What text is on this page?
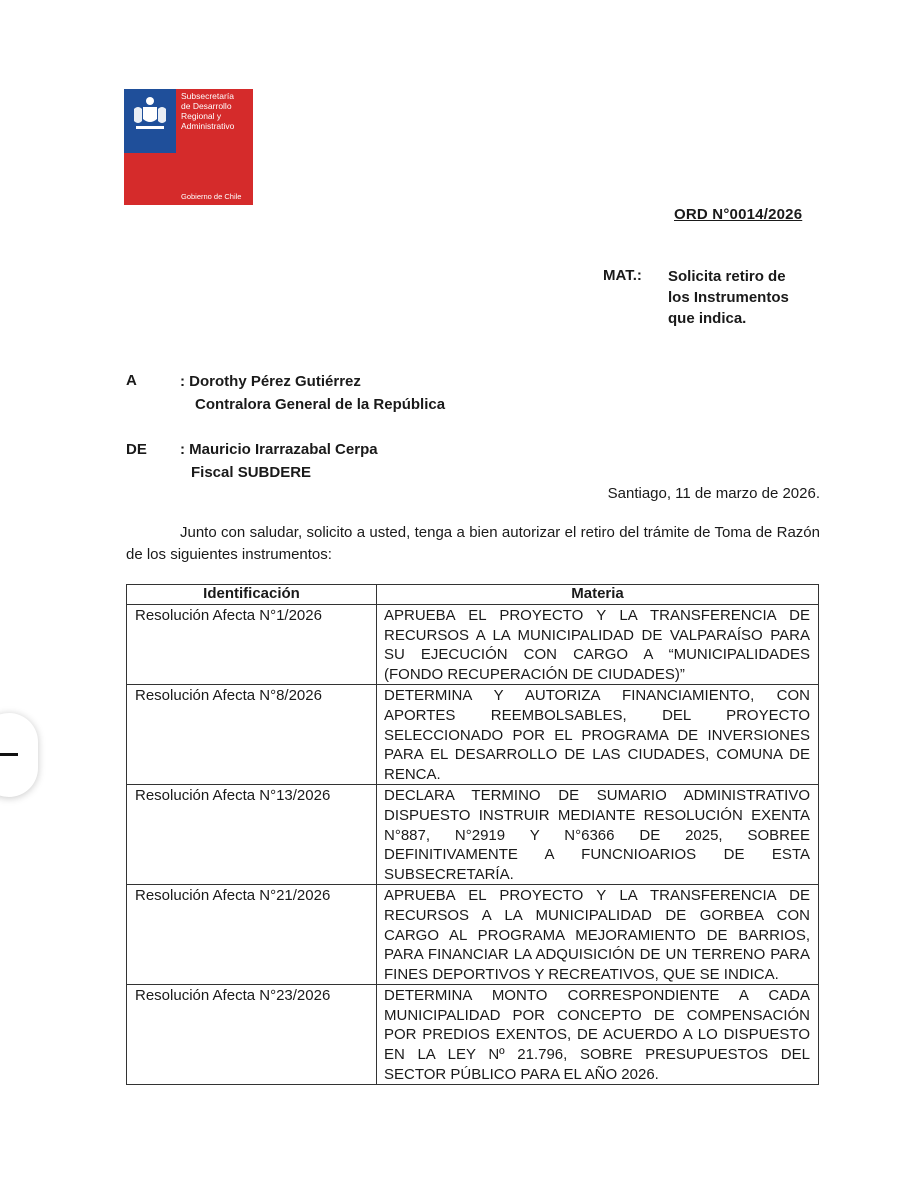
Subsecretaría
de Desarrollo
Regional y
Administrativo
Gobierno de Chile
ORD N°0014/2026
MAT.: Solicita retiro de
los Instrumentos
que indica.
A	: Dorothy Pérez Gutiérrez
Contralora General de la República
DE : Mauricio Irarrazabal Cerpa
Fiscal SUBDERE
Santiago, 11 de marzo de 2026.
Junto con saludar, solicito a usted, tenga a bien autorizar el retiro del trámite de Toma de Razón de los siguientes instrumentos:
Identificación	Materia
Resolución Afecta N°1/2026	APRUEBA EL PROYECTO Y LA TRANSFERENCIA DE RECURSOS A LA MUNICIPALIDAD DE VALPARAÍSO PARA SU EJECUCIÓN CON CARGO A “MUNICIPALIDADES (FONDO RECUPERACIÓN DE CIUDADES)”
Resolución Afecta N°8/2026	DETERMINA Y AUTORIZA FINANCIAMIENTO, CON APORTES REEMBOLSABLES, DEL PROYECTO SELECCIONADO POR EL PROGRAMA DE INVERSIONES PARA EL DESARROLLO DE LAS CIUDADES, COMUNA DE RENCA.
Resolución Afecta N°13/2026	DECLARA TERMINO DE SUMARIO ADMINISTRATIVO DISPUESTO INSTRUIR MEDIANTE RESOLUCIÓN EXENTA N°887, N°2919 Y N°6366 DE 2025, SOBREE DEFINITIVAMENTE A FUNCNIOARIOS DE ESTA SUBSECRETARÍA.
Resolución Afecta N°21/2026	APRUEBA EL PROYECTO Y LA TRANSFERENCIA DE RECURSOS A LA MUNICIPALIDAD DE GORBEA CON CARGO AL PROGRAMA MEJORAMIENTO DE BARRIOS, PARA FINANCIAR LA ADQUISICIÓN DE UN TERRENO PARA FINES DEPORTIVOS Y RECREATIVOS, QUE SE INDICA.
Resolución Afecta N°23/2026	DETERMINA MONTO CORRESPONDIENTE A CADA MUNICIPALIDAD POR CONCEPTO DE COMPENSACIÓN POR PREDIOS EXENTOS, DE ACUERDO A LO DISPUESTO EN LA LEY Nº 21.796, SOBRE PRESUPUESTOS DEL SECTOR PÚBLICO PARA EL AÑO 2026.
